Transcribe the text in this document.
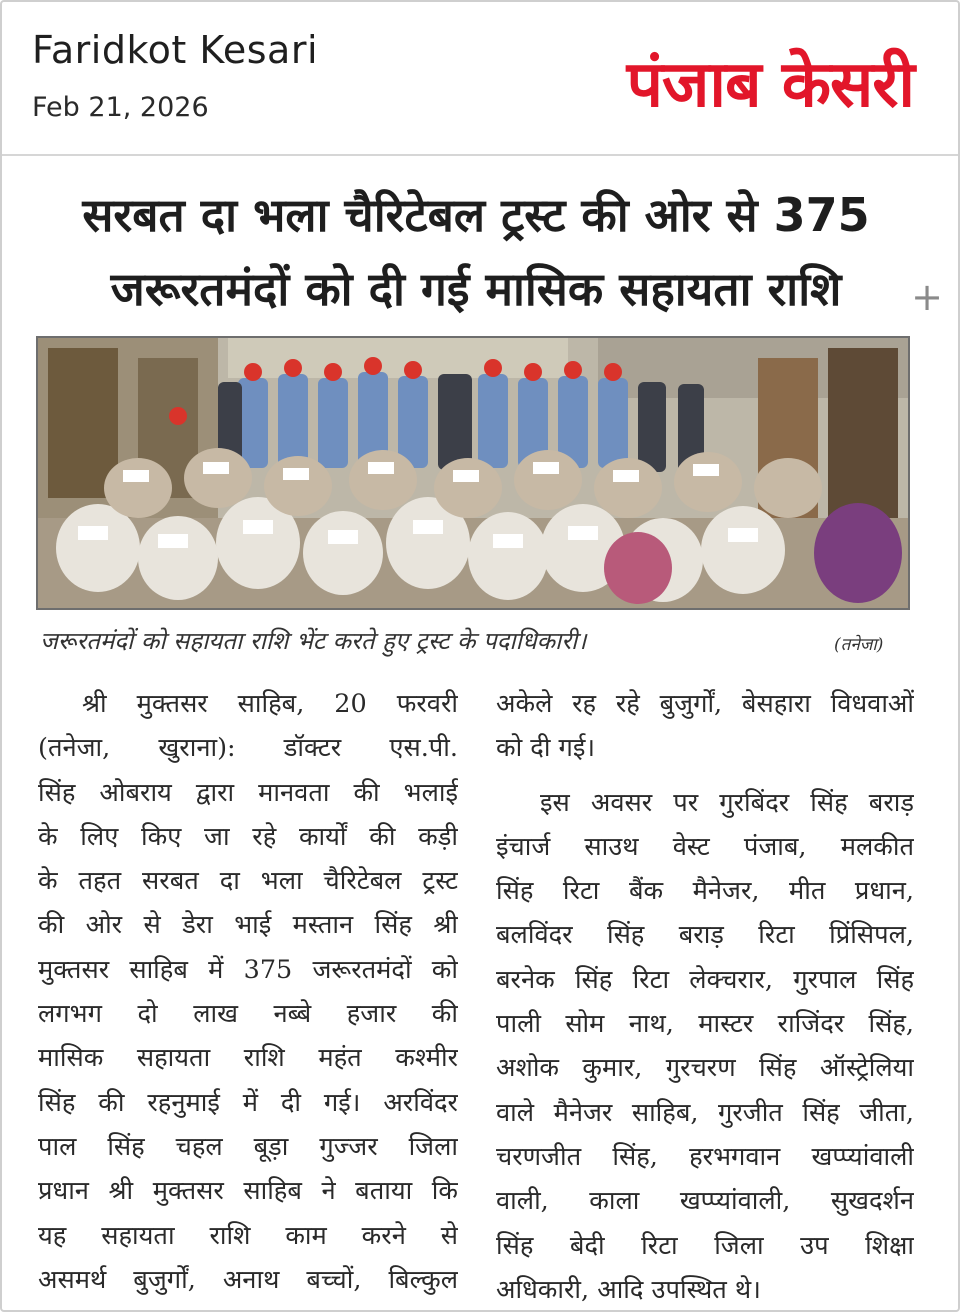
Faridkot Kesari
Feb 21, 2026	पंजाब केसरी
सरबत दा भला चैरिटेबल ट्रस्ट की ओर से 375
जरूरतमंदों को दी गई मासिक सहायता राशि	+
जरूरतमंदों को सहायता राशि भेंट करते हुए ट्रस्ट के पदाधिकारी।	(तनेजा)
श्री मुक्तसर साहिब, 20 फरवरी
(तनेजा, खुराना): डॉक्टर एस.पी.
सिंह ओबराय द्वारा मानवता की भलाई
के लिए किए जा रहे कार्यों की कड़ी
के तहत सरबत दा भला चैरिटेबल ट्रस्ट
की ओर से डेरा भाई मस्तान सिंह श्री
मुक्तसर साहिब में 375 जरूरतमंदों को
लगभग दो लाख नब्बे हजार की
मासिक सहायता राशि महंत कश्मीर
सिंह की रहनुमाई में दी गई। अरविंदर
पाल सिंह चहल बूड़ा गुज्जर जिला
प्रधान श्री मुक्तसर साहिब ने बताया कि
यह सहायता राशि काम करने से
असमर्थ बुजुर्गों, अनाथ बच्चों, बिल्कुल
अकेले रह रहे बुजुर्गों, बेसहारा विधवाओं
को दी गई।
इस अवसर पर गुरबिंदर सिंह बराड़
इंचार्ज साउथ वेस्ट पंजाब, मलकीत
सिंह रिटा बैंक मैनेजर, मीत प्रधान,
बलविंदर सिंह बराड़ रिटा प्रिंसिपल,
बरनेक सिंह रिटा लेक्चरार, गुरपाल सिंह
पाली सोम नाथ, मास्टर राजिंदर सिंह,
अशोक कुमार, गुरचरण सिंह ऑस्ट्रेलिया
वाले मैनेजर साहिब, गुरजीत सिंह जीता,
चरणजीत सिंह, हरभगवान खप्प्यांवाली
वाली, काला खप्प्यांवाली, सुखदर्शन
सिंह बेदी रिटा जिला उप शिक्षा
अधिकारी, आदि उपस्थित थे।
